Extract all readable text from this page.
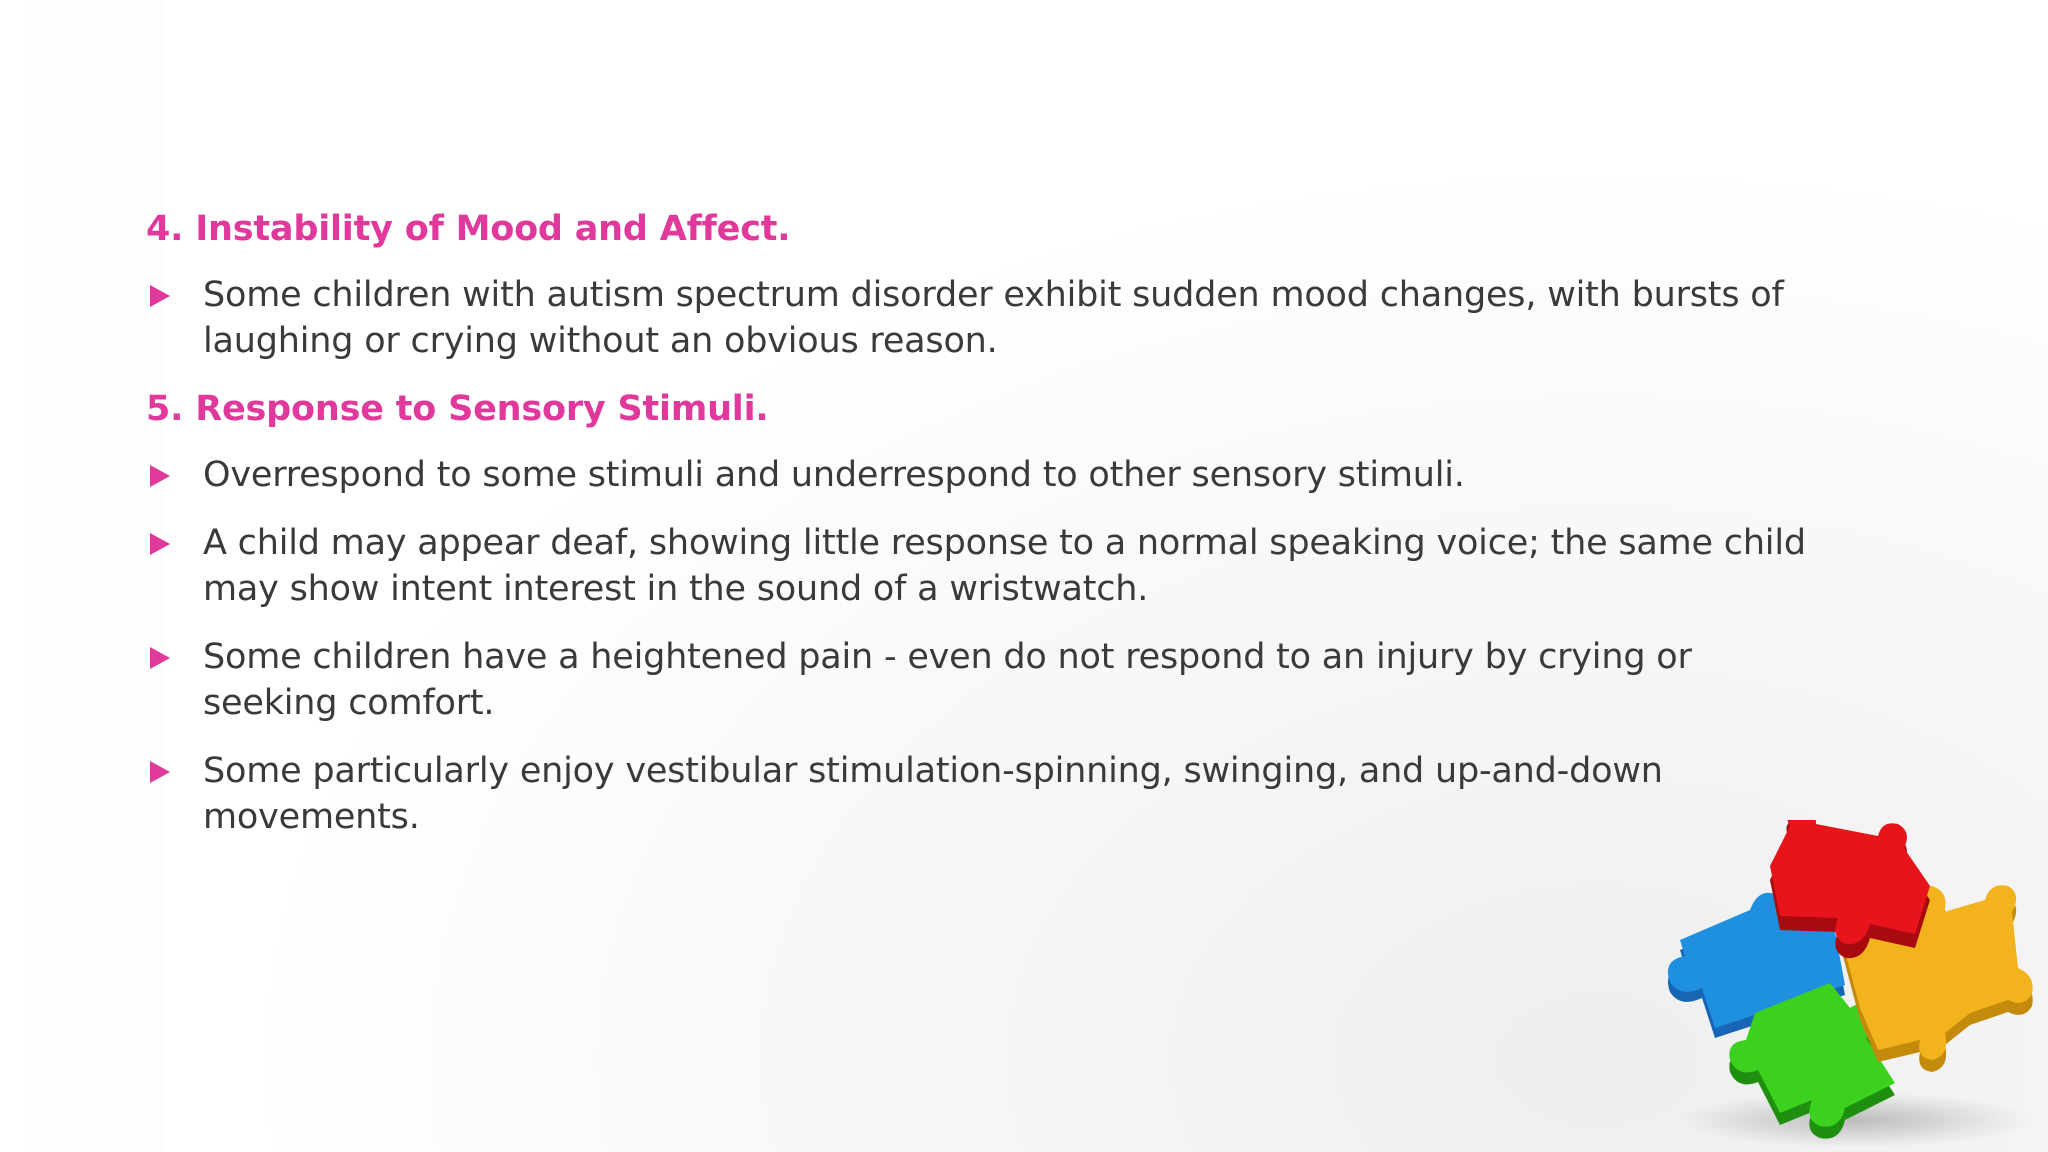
4. Instability of Mood and Affect.
Some children with autism spectrum disorder exhibit sudden mood changes, with bursts of laughing or crying without an obvious reason.
5. Response to Sensory Stimuli.
Overrespond to some stimuli and underrespond to other sensory stimuli.
A child may appear deaf, showing little response to a normal speaking voice; the same child may show intent interest in the sound of a wristwatch.
Some children have a heightened pain - even do not respond to an injury by crying or seeking comfort.
Some particularly enjoy vestibular stimulation-spinning, swinging, and up-and-down movements.
